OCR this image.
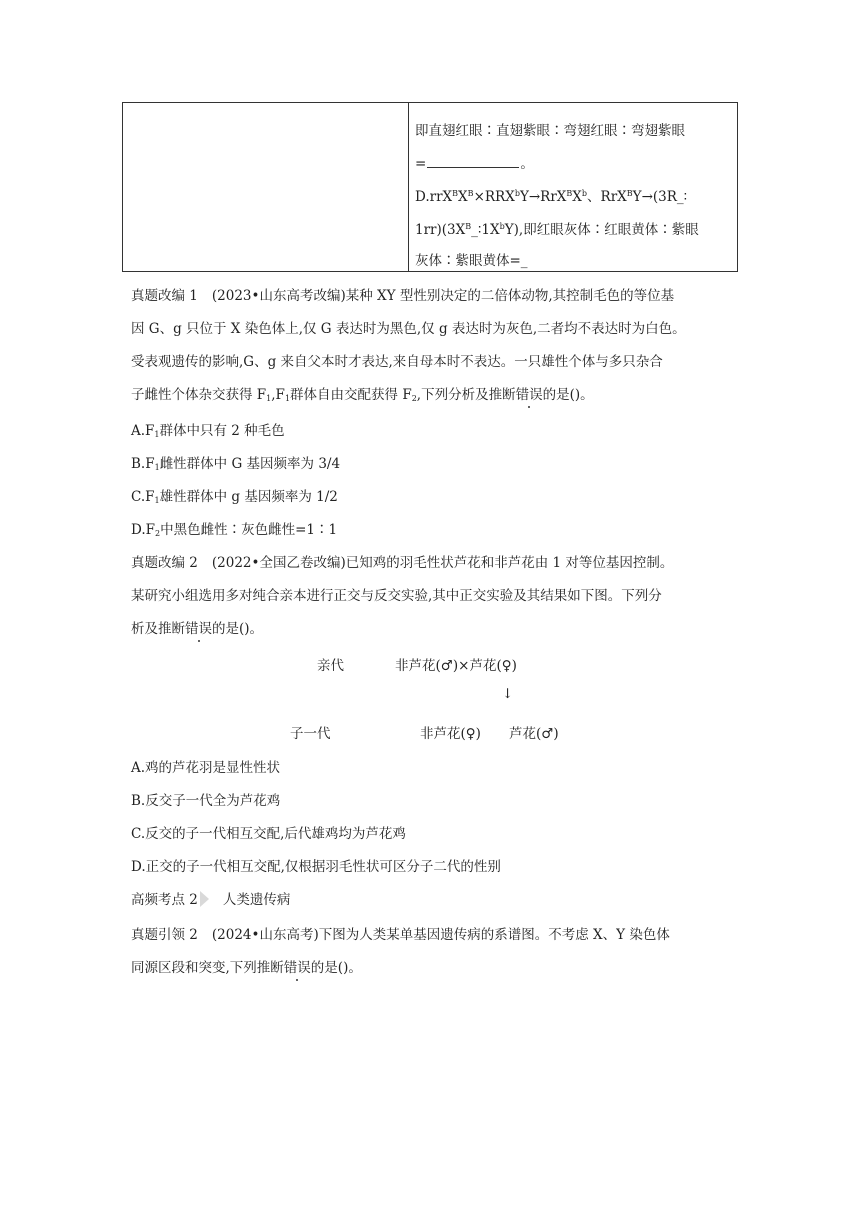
即直翅红眼∶直翅紫眼∶弯翅红眼∶弯翅紫眼
=	。
$D.rrX^BX^B\times RRX^bY\to RrX^BX^b$、RrX$^B$Y→(3R_∶
$1rr)(3X^B\_∶1X^bY)$,即红眼灰体∶红眼黄体∶紫眼
灰体∶紫眼黄体=_
真题改编 1 (2023•山东高考改编)某种 XY 型性别决定的二倍体动物,其控制毛色的等位基
因 G、g 只位于 X 染色体上,仅 G 表达时为黑色,仅 g 表达时为灰色,二者均不表达时为白色。
受表观遗传的影响,G、g 来自父本时才表达,来自母本时不表达。一只雄性个体与多只杂合
子雌性个体杂交获得 $F_1,F_1$群体自由交配获得 $F_2$,下列分析及推断错误的是()。
$A.F_1$群体中只有 2 种毛色
$B.F_1$雌性群体中 G 基因频率为 3/4
$C.F_1$雄性群体中 g 基因频率为 1/2
$D.F_2$中黑色雌性∶灰色雌性=1∶1
真题改编 2 (2022•全国乙卷改编)已知鸡的羽毛性状芦花和非芦花由 1 对等位基因控制。
某研究小组选用多对纯合亲本进行正交与反交实验,其中正交实验及其结果如下图。下列分
析及推断错误的是()。
亲代	非芦花(♂)×芦花(♀)
↓
子一代	非芦花(♀) 芦花(♂)
A.鸡的芦花羽是显性性状
B.反交子一代全为芦花鸡
C.反交的子一代相互交配,后代雄鸡均为芦花鸡
D.正交的子一代相互交配,仅根据羽毛性状可区分子二代的性别
高频考点 2 人类遗传病
真题引领 2 (2024•山东高考)下图为人类某单基因遗传病的系谱图。不考虑 X、Y 染色体
同源区段和突变,下列推断错误的是()。
